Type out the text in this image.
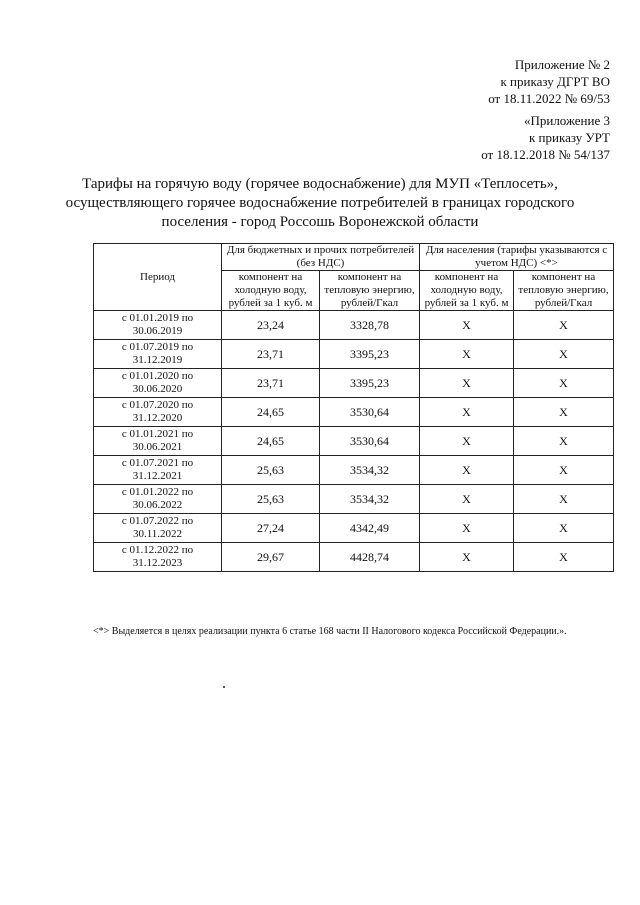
Приложение № 2
к приказу ДГРТ ВО
от 18.11.2022 № 69/53
«Приложение 3
к приказу УРТ
от 18.12.2018 № 54/137
Тарифы на горячую воду (горячее водоснабжение) для МУП «Теплосеть», осуществляющего горячее водоснабжение потребителей в границах городского поселения - город Россошь Воронежской области
Период	Для бюджетных и прочих потребителей (без НДС)		Для населения (тарифы указываются с учетом НДС) <*>	
	компонент на холодную воду, рублей за 1 куб. м	компонент на тепловую энергию, рублей/Гкал	компонент на холодную воду, рублей за 1 куб. м	компонент на тепловую энергию, рублей/Гкал
с 01.01.2019 по 30.06.2019	23,24	3328,78	X	X
с 01.07.2019 по 31.12.2019	23,71	3395,23	X	X
с 01.01.2020 по 30.06.2020	23,71	3395,23	X	X
с 01.07.2020 по 31.12.2020	24,65	3530,64	X	X
с 01.01.2021 по 30.06.2021	24,65	3530,64	X	X
с 01.07.2021 по 31.12.2021	25,63	3534,32	X	X
с 01.01.2022 по 30.06.2022	25,63	3534,32	X	X
с 01.07.2022 по 30.11.2022	27,24	4342,49	X	X
с 01.12.2022 по 31.12.2023	29,67	4428,74	X	X
<*> Выделяется в целях реализации пункта 6 статье 168 части II Налогового кодекса Российской Федерации.».
